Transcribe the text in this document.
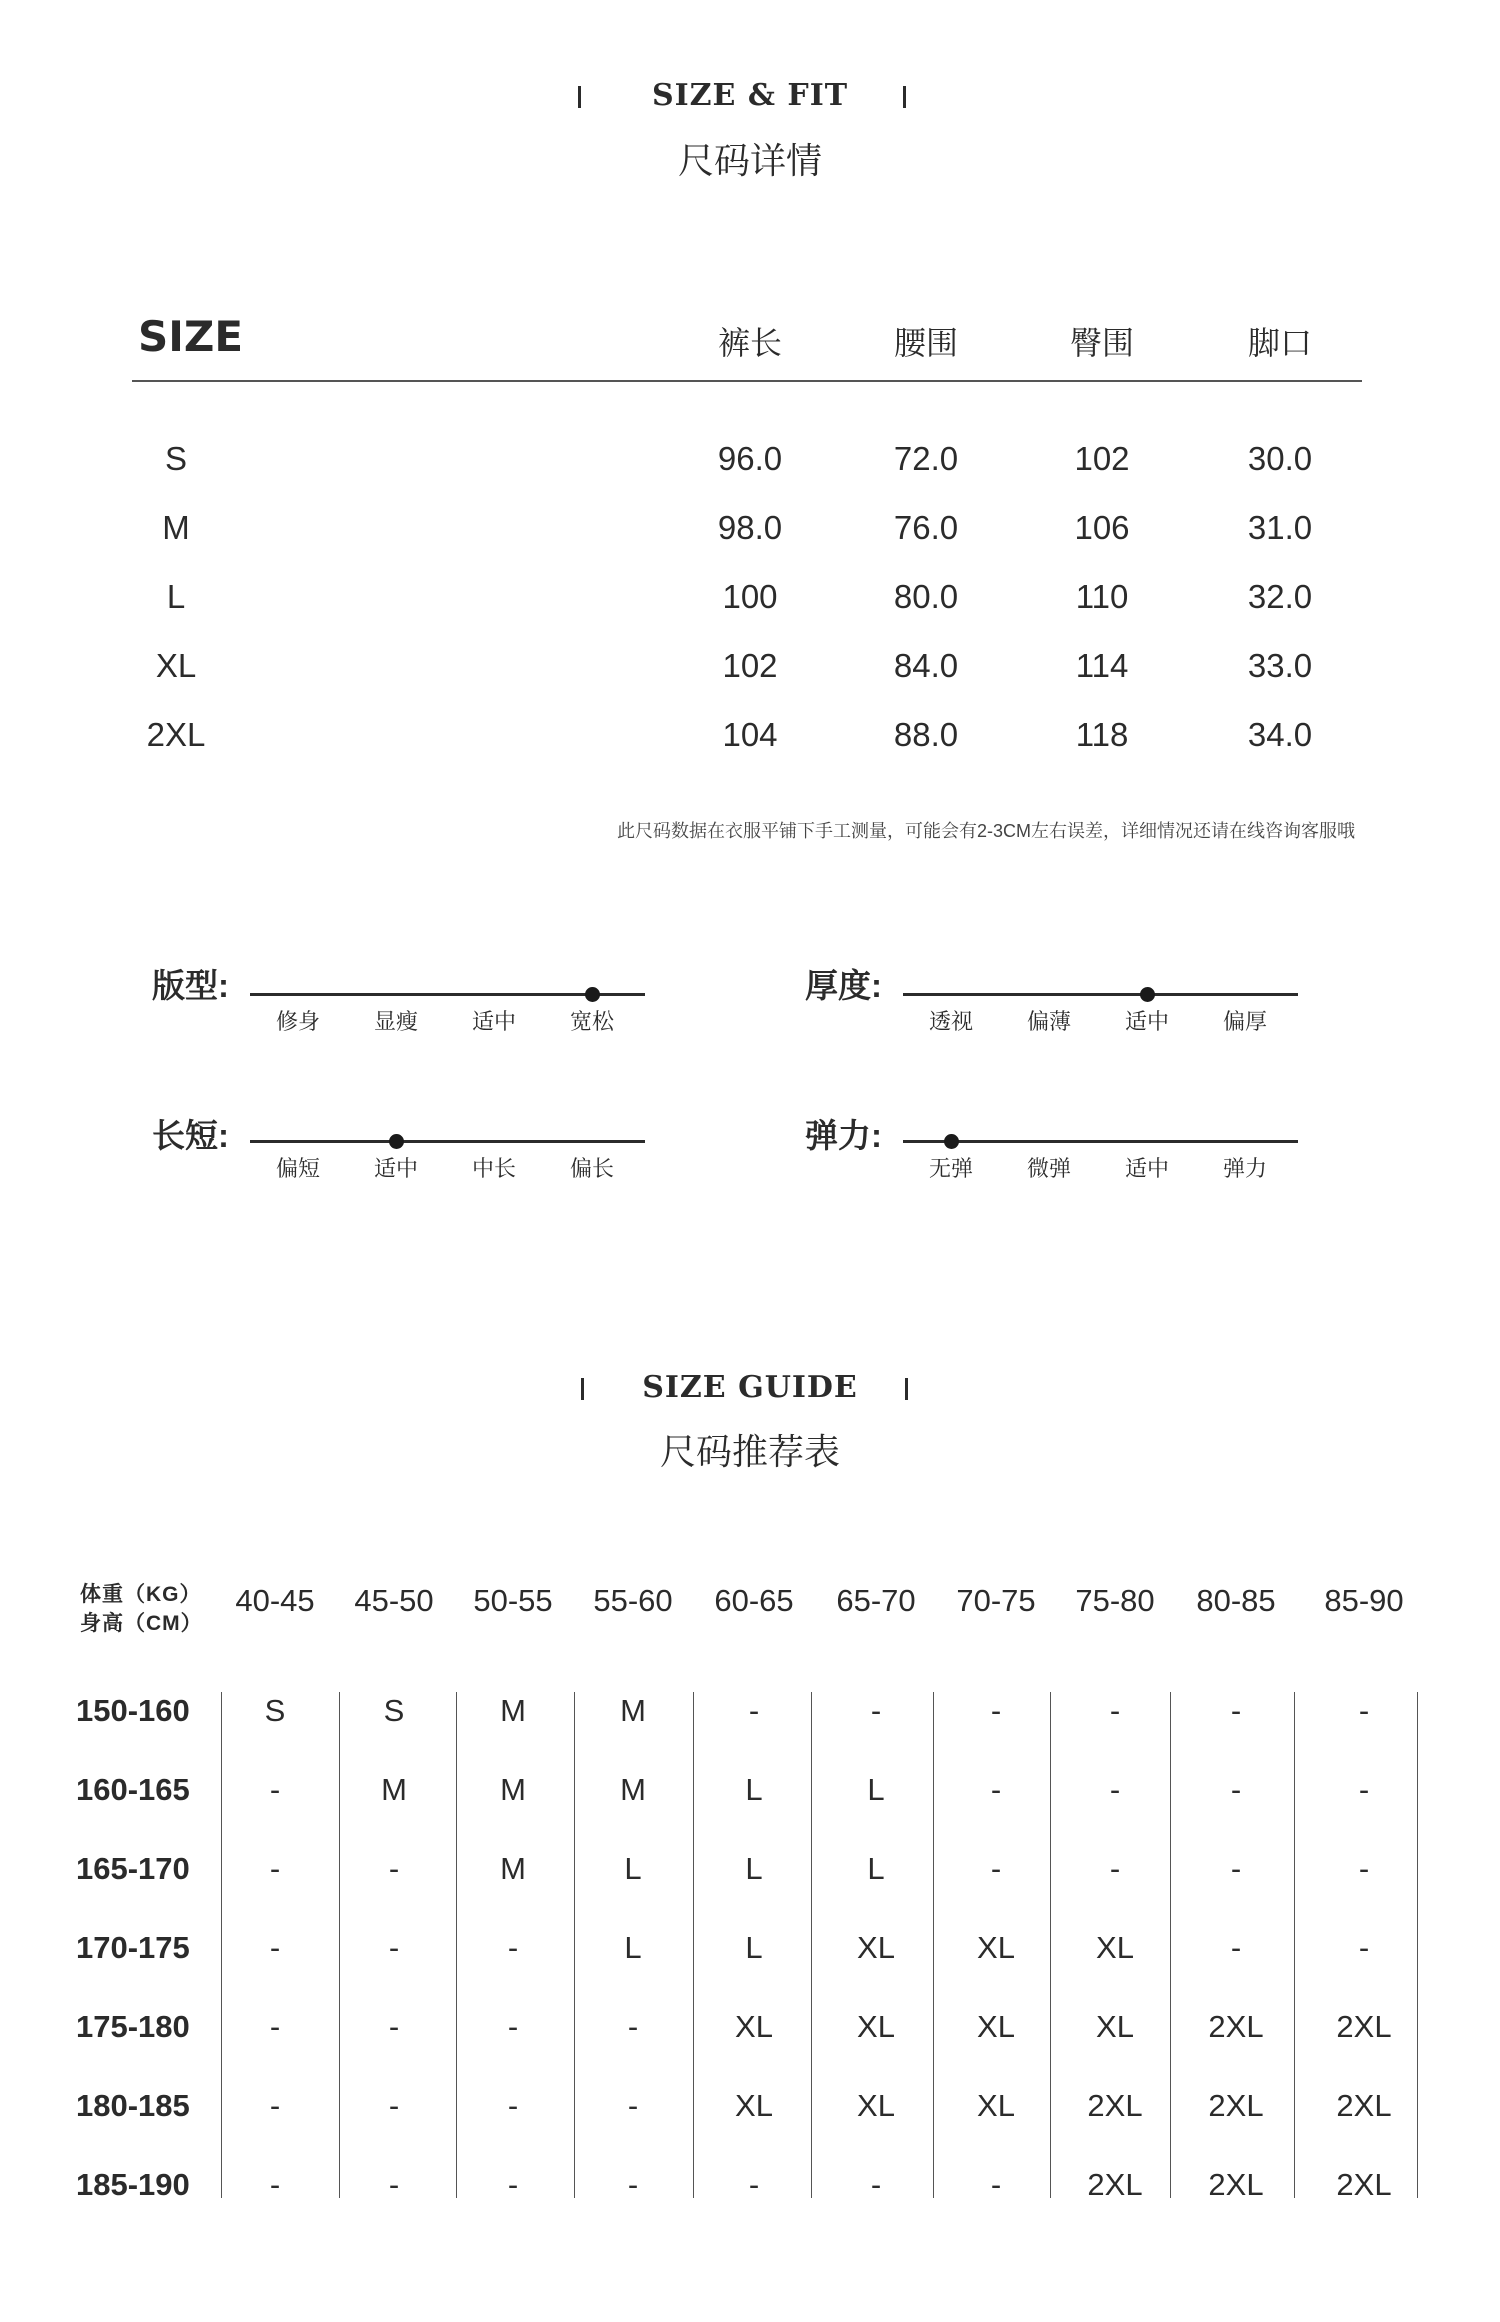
SIZE & FIT
尺码详情
SIZE	裤长	腰围	臀围	脚口
S	96.0	72.0	102	30.0
M	98.0	76.0	106	31.0
L	100	80.0	110	32.0
XL	102	84.0	114	33.0
2XL	104	88.0	118	34.0
此尺码数据在衣服平铺下手工测量，可能会有2-3CM左右误差，详细情况还请在线咨询客服哦
版型:
修身	显瘦	适中	宽松
厚度:
透视	偏薄	适中	偏厚
长短:
偏短	适中	中长	偏长
弹力:
无弹	微弹	适中	弹力
SIZE GUIDE
尺码推荐表
体重（KG）
身高（CM）
40-45	45-50	50-55	55-60	60-65	65-70	70-75	75-80	80-85	85-90
150-160	S	S	M	M	-	-	-	-	-	-
160-165	-	M	M	M	L	L	-	-	-	-
165-170	-	-	M	L	L	L	-	-	-	-
170-175	-	-	-	L	L	XL	XL	XL	-	-
175-180	-	-	-	-	XL	XL	XL	XL	2XL	2XL
180-185	-	-	-	-	XL	XL	XL	2XL	2XL	2XL
185-190	-	-	-	-	-	-	-	2XL	2XL	2XL
